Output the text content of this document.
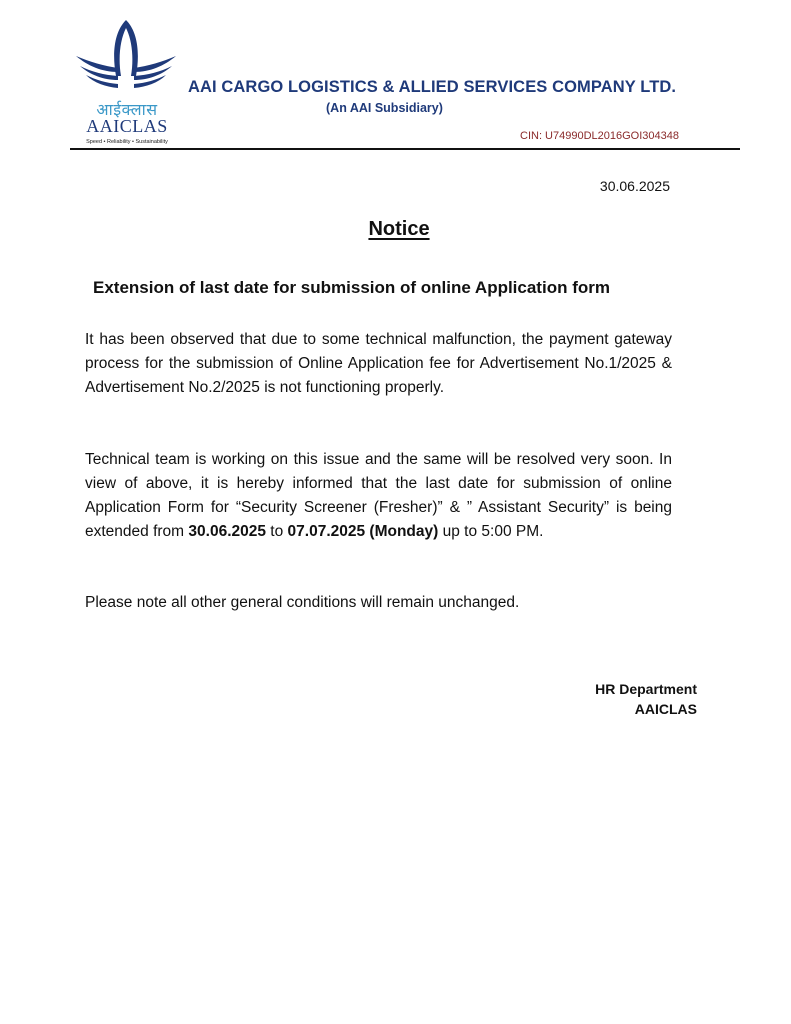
आईक्लास
AAICLAS
Speed • Reliability • Sustainability
AAI CARGO LOGISTICS & ALLIED SERVICES COMPANY LTD.
(An AAI Subsidiary)
CIN: U74990DL2016GOI304348
30.06.2025
Notice
Extension of last date for submission of online Application form

It has been observed that due to some technical malfunction, the payment gateway process for the submission of Online Application fee for Advertisement No.1/2025 & Advertisement No.2/2025 is not functioning properly.

Technical team is working on this issue and the same will be resolved very soon. In view of above, it is hereby informed that the last date for submission of online Application Form for “Security Screener (Fresher)” & ” Assistant Security” is being extended from 30.06.2025 to 07.07.2025 (Monday) up to 5:00 PM.

Please note all other general conditions will remain unchanged.

HR Department
AAICLAS
